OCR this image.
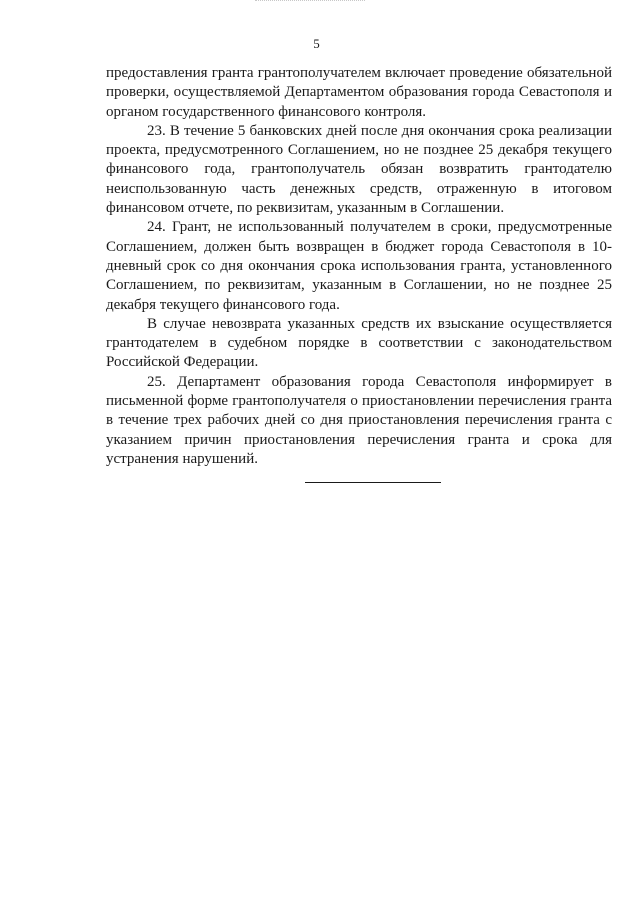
5

предоставления гранта грантополучателем включает проведение обязательной проверки, осуществляемой Департаментом образования города Севастополя и органом государственного финансового контроля.

23. В течение 5 банковских дней после дня окончания срока реализации проекта, предусмотренного Соглашением, но не позднее 25 декабря текущего финансового года, грантополучатель обязан возвратить грантодателю неиспользованную часть денежных средств, отраженную в итоговом финансовом отчете, по реквизитам, указанным в Соглашении.

24. Грант, не использованный получателем в сроки, предусмотренные Соглашением, должен быть возвращен в бюджет города Севастополя в 10-дневный срок со дня окончания срока использования гранта, установленного Соглашением, по реквизитам, указанным в Соглашении, но не позднее 25 декабря текущего финансового года.

В случае невозврата указанных средств их взыскание осуществляется грантодателем в судебном порядке в соответствии с законодательством Российской Федерации.

25. Департамент образования города Севастополя информирует в письменной форме грантополучателя о приостановлении перечисления гранта в течение трех рабочих дней со дня приостановления перечисления гранта с указанием причин приостановления перечисления гранта и срока для устранения нарушений.
